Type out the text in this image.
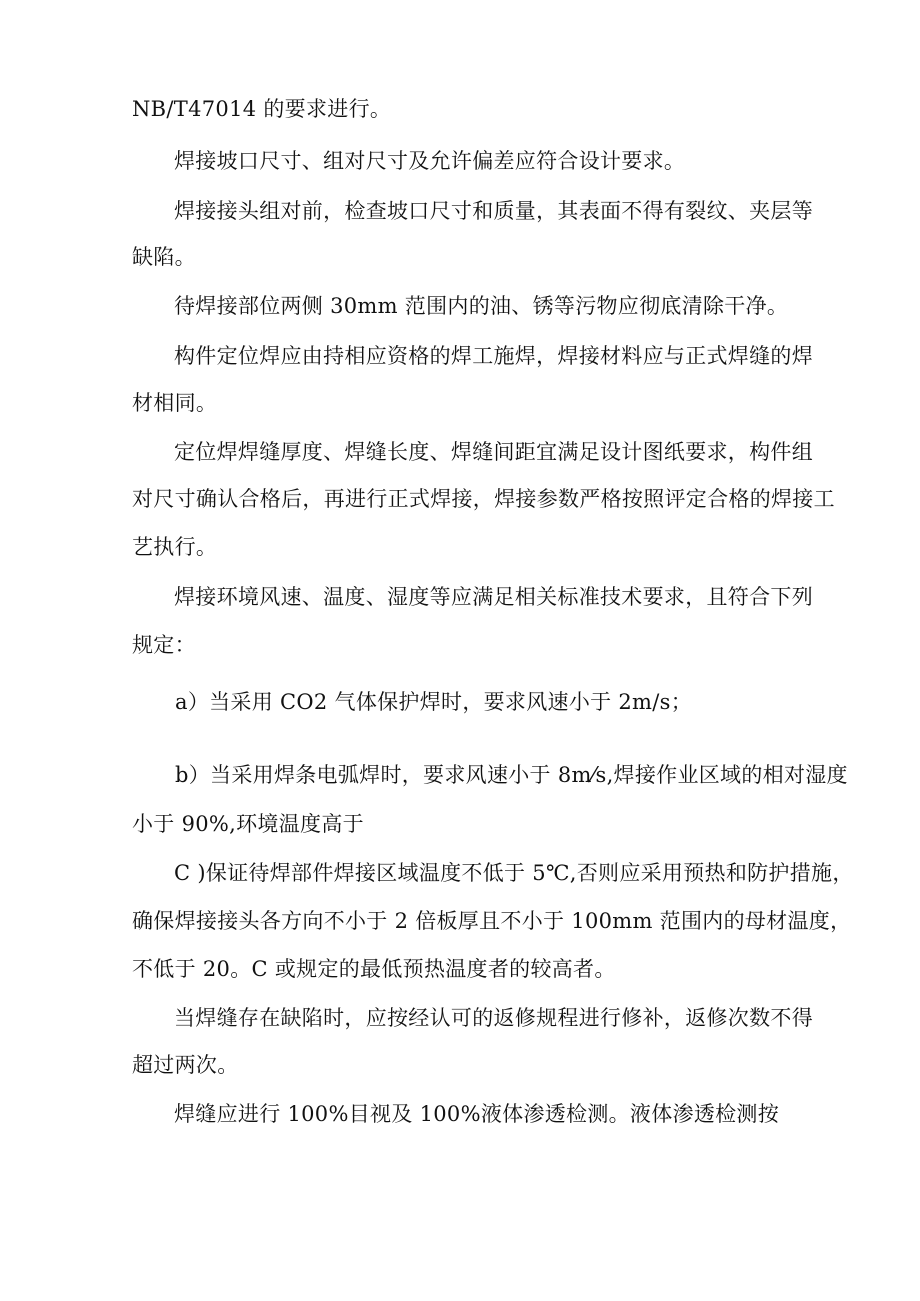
NB/T47014 的要求进行。
焊接坡口尺寸、组对尺寸及允许偏差应符合设计要求。
焊接接头组对前，检查坡口尺寸和质量，其表面不得有裂纹、夹层等
缺陷。
待焊接部位两侧 30mm 范围内的油、锈等污物应彻底清除干净。
构件定位焊应由持相应资格的焊工施焊，焊接材料应与正式焊缝的焊
材相同。
定位焊焊缝厚度、焊缝长度、焊缝间距宜满足设计图纸要求，构件组
对尺寸确认合格后，再进行正式焊接，焊接参数严格按照评定合格的焊接工
艺执行。
焊接环境风速、温度、湿度等应满足相关标准技术要求，且符合下列
规定：
a）当采用 CO2 气体保护焊时，要求风速小于 2m/s；
b）当采用焊条电弧焊时，要求风速小于 8m⁄s,焊接作业区域的相对湿度
小于 90%,环境温度高于
C )保证待焊部件焊接区域温度不低于 5℃,否则应采用预热和防护措施，
确保焊接接头各方向不小于 2 倍板厚且不小于 100mm 范围内的母材温度，
不低于 20。C 或规定的最低预热温度者的较高者。
当焊缝存在缺陷时，应按经认可的返修规程进行修补，返修次数不得
超过两次。
焊缝应进行 100%目视及 100%液体渗透检测。液体渗透检测按
